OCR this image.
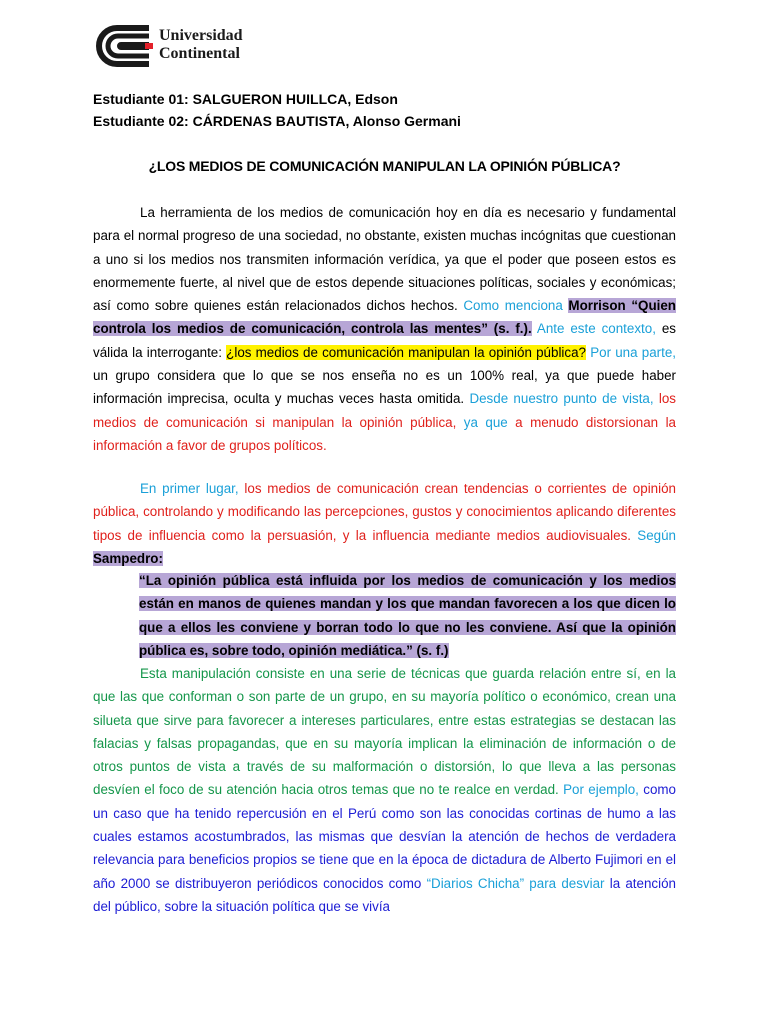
Universidad
Continental
Estudiante 01: SALGUERON HUILLCA, Edson
Estudiante 02: CÁRDENAS BAUTISTA, Alonso Germani
¿LOS MEDIOS DE COMUNICACIÓN MANIPULAN LA OPINIÓN PÚBLICA?
La herramienta de los medios de comunicación hoy en día es necesario y fundamental para el normal progreso de una sociedad, no obstante, existen muchas incógnitas que cuestionan a uno si los medios nos transmiten información verídica, ya que el poder que poseen estos es enormemente fuerte, al nivel que de estos depende situaciones políticas, sociales y económicas; así como sobre quienes están relacionados dichos hechos. Como menciona Morrison “Quien controla los medios de comunicación, controla las mentes” (s. f.). Ante este contexto, es válida la interrogante: ¿los medios de comunicación manipulan la opinión pública? Por una parte, un grupo considera que lo que se nos enseña no es un 100% real, ya que puede haber información imprecisa, oculta y muchas veces hasta omitida. Desde nuestro punto de vista, los medios de comunicación si manipulan la opinión pública, ya que a menudo distorsionan la información a favor de grupos políticos.
En primer lugar, los medios de comunicación crean tendencias o corrientes de opinión pública, controlando y modificando las percepciones, gustos y conocimientos aplicando diferentes tipos de influencia como la persuasión, y la influencia mediante medios audiovisuales. Según Sampedro:
“La opinión pública está influida por los medios de comunicación y los medios están en manos de quienes mandan y los que mandan favorecen a los que dicen lo que a ellos les conviene y borran todo lo que no les conviene. Así que la opinión pública es, sobre todo, opinión mediática.” (s. f.)
Esta manipulación consiste en una serie de técnicas que guarda relación entre sí, en la que las que conforman o son parte de un grupo, en su mayoría político o económico, crean una silueta que sirve para favorecer a intereses particulares, entre estas estrategias se destacan las falacias y falsas propagandas, que en su mayoría implican la eliminación de información o de otros puntos de vista a través de su malformación o distorsión, lo que lleva a las personas desvíen el foco de su atención hacia otros temas que no te realce en verdad. Por ejemplo, como un caso que ha tenido repercusión en el Perú como son las conocidas cortinas de humo a las cuales estamos acostumbrados, las mismas que desvían la atención de hechos de verdadera relevancia para beneficios propios se tiene que en la época de dictadura de Alberto Fujimori en el año 2000 se distribuyeron periódicos conocidos como “Diarios Chicha” para desviar la atención del público, sobre la situación política que se vivía
